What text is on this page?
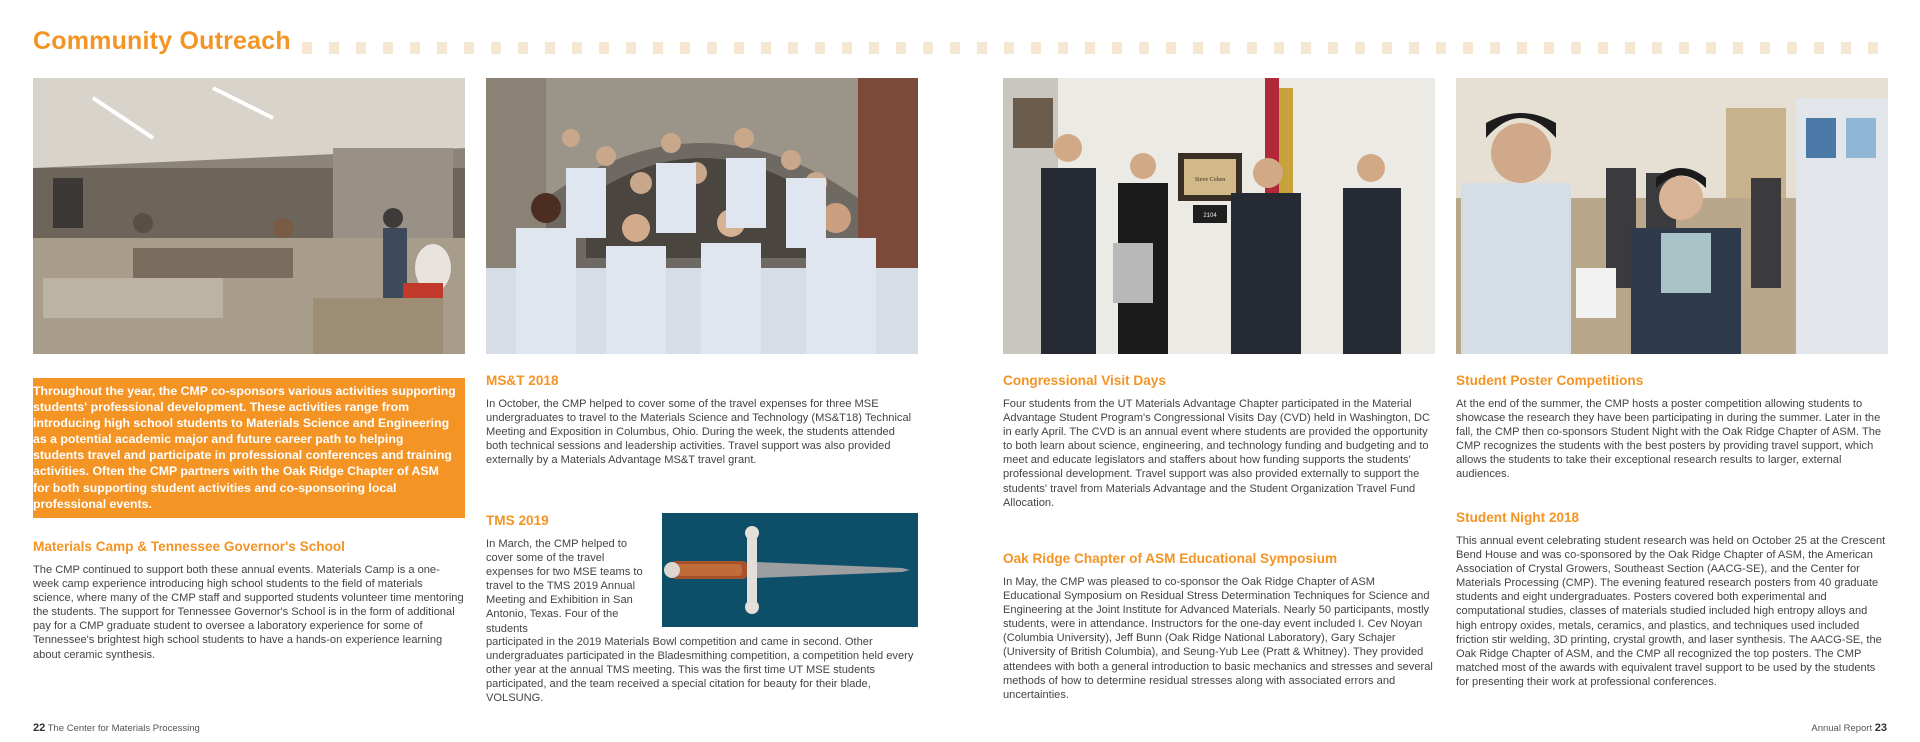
Community Outreach
Steve Cohen
2104

Throughout the year, the CMP co-sponsors various activities supporting students' professional development. These activities range from introducing high school students to Materials Science and Engineering as a potential academic major and future career path to helping students travel and participate in professional conferences and training activities. Often the CMP partners with the Oak Ridge Chapter of ASM for both supporting student activities and co-sponsoring local professional events.

Materials Camp & Tennessee Governor's School

The CMP continued to support both these annual events. Materials Camp is a one-week camp experience introducing high school students to the field of materials science, where many of the CMP staff and supported students volunteer time mentoring the students. The support for Tennessee Governor's School is in the form of additional pay for a CMP graduate student to oversee a laboratory experience for some of Tennessee's brightest high school students to have a hands-on experience learning about ceramic synthesis.

MS&T 2018

In October, the CMP helped to cover some of the travel expenses for three MSE undergraduates to travel to the Materials Science and Technology (MS&T18) Technical Meeting and Exposition in Columbus, Ohio. During the week, the students attended both technical sessions and leadership activities. Travel support was also provided externally by a Materials Advantage MS&T travel grant.

TMS 2019

In March, the CMP helped to cover some of the travel expenses for two MSE teams to travel to the TMS 2019 Annual Meeting and Exhibition in San Antonio, Texas. Four of the students

participated in the 2019 Materials Bowl competition and came in second. Other undergraduates participated in the Bladesmithing competition, a competition held every other year at the annual TMS meeting. This was the first time UT MSE students participated, and the team received a special citation for beauty for their blade, VOLSUNG.

Congressional Visit Days

Four students from the UT Materials Advantage Chapter participated in the Material Advantage Student Program's Congressional Visits Day (CVD) held in Washington, DC in early April. The CVD is an annual event where students are provided the opportunity to both learn about science, engineering, and technology funding and budgeting and to meet and educate legislators and staffers about how funding supports the students' professional development. Travel support was also provided externally to support the students' travel from Materials Advantage and the Student Organization Travel Fund Allocation.

Oak Ridge Chapter of ASM Educational Symposium

In May, the CMP was pleased to co-sponsor the Oak Ridge Chapter of ASM Educational Symposium on Residual Stress Determination Techniques for Science and Engineering at the Joint Institute for Advanced Materials. Nearly 50 participants, mostly students, were in attendance. Instructors for the one-day event included I. Cev Noyan (Columbia University), Jeff Bunn (Oak Ridge National Laboratory), Gary Schajer (University of British Columbia), and Seung-Yub Lee (Pratt & Whitney). They provided attendees with both a general introduction to basic mechanics and stresses and several methods of how to determine residual stresses along with associated errors and uncertainties.

Student Poster Competitions

At the end of the summer, the CMP hosts a poster competition allowing students to showcase the research they have been participating in during the summer. Later in the fall, the CMP then co-sponsors Student Night with the Oak Ridge Chapter of ASM. The CMP recognizes the students with the best posters by providing travel support, which allows the students to take their exceptional research results to larger, external audiences.

Student Night 2018

This annual event celebrating student research was held on October 25 at the Crescent Bend House and was co-sponsored by the Oak Ridge Chapter of ASM, the American Association of Crystal Growers, Southeast Section (AACG-SE), and the Center for Materials Processing (CMP). The evening featured research posters from 40 graduate students and eight undergraduates. Posters covered both experimental and computational studies, classes of materials studied included high entropy alloys and high entropy oxides, metals, ceramics, and plastics, and techniques used included friction stir welding, 3D printing, crystal growth, and laser synthesis. The AACG-SE, the Oak Ridge Chapter of ASM, and the CMP all recognized the top posters. The CMP matched most of the awards with equivalent travel support to be used by the students for presenting their work at professional conferences.

22 The Center for Materials Processing	Annual Report 23
